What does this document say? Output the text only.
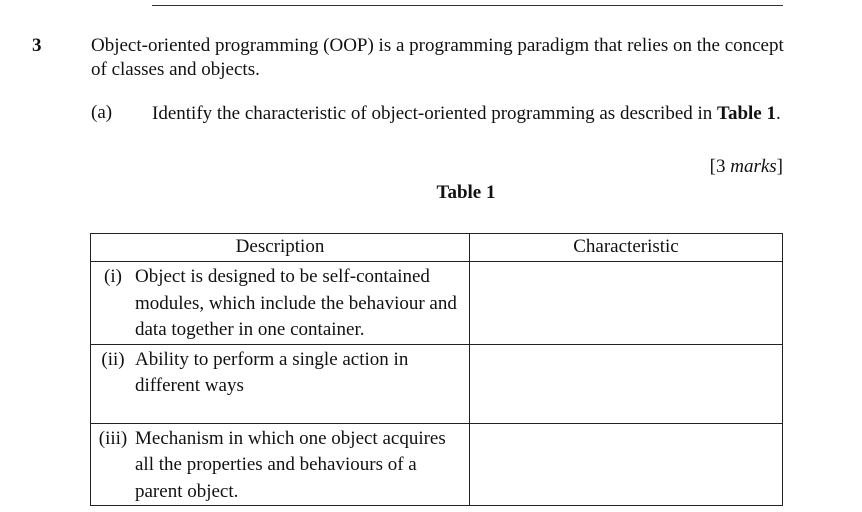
3	Object-oriented programming (OOP) is a programming paradigm that relies on the concept of classes and objects.
(a) Identify the characteristic of object-oriented programming as described in Table 1.
[3 marks]
Table 1
Description	Characteristic

(i) Object is designed to be self-contained modules, which include the behaviour and data together in one container.	

(ii) Ability to perform a single action in different ways	

(iii) Mechanism in which one object acquires all the properties and behaviours of a parent object.	
